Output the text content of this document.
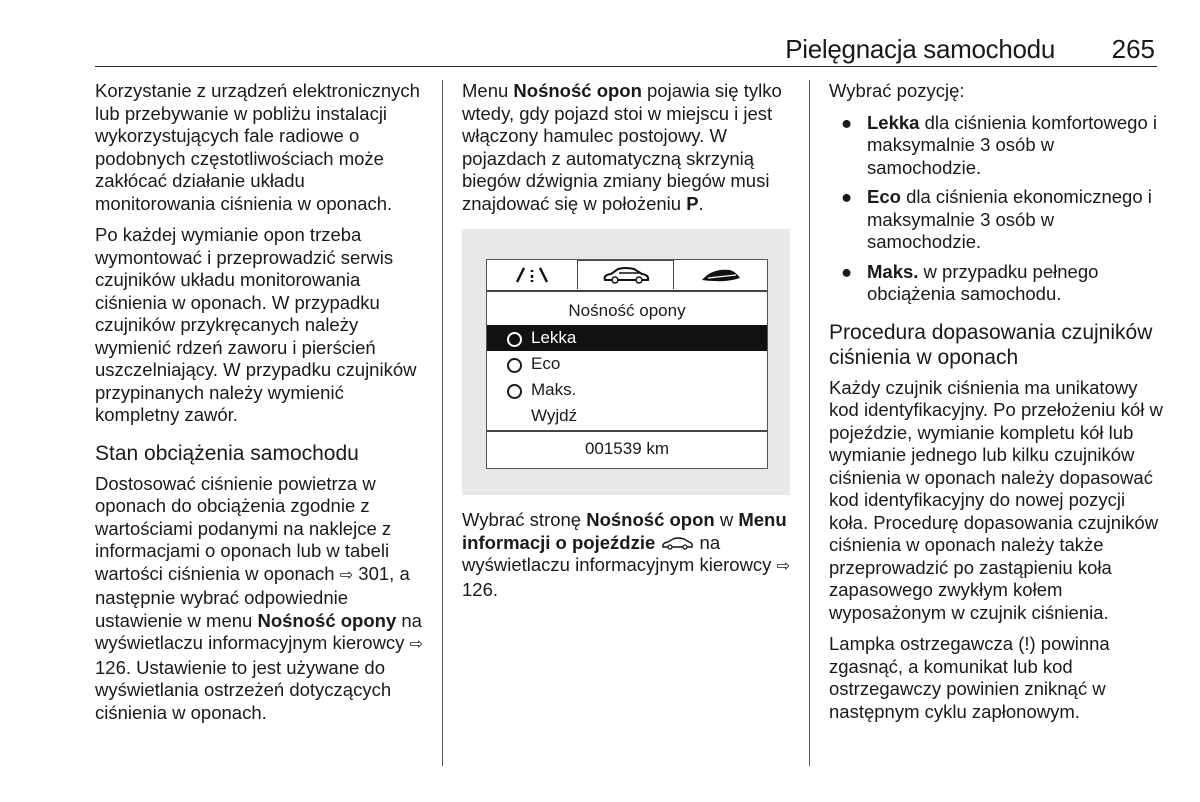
Pielęgnacja samochodu 265

Korzystanie z urządzeń elektronicznych lub przebywanie w pobliżu instalacji wykorzystujących fale radiowe o podobnych częstotliwościach może zakłócać działanie układu monitorowania ciśnienia w oponach.

Po każdej wymianie opon trzeba wymontować i przeprowadzić serwis czujników układu monitorowania ciśnienia w oponach. W przypadku czujników przykręcanych należy wymienić rdzeń zaworu i pierścień uszczelniający. W przypadku czujników przypinanych należy wymienić kompletny zawór.

Stan obciążenia samochodu

Dostosować ciśnienie powietrza w oponach do obciążenia zgodnie z wartościami podanymi na naklejce z informacjami o oponach lub w tabeli wartości ciśnienia w oponach ⇨ 301, a następnie wybrać odpowiednie ustawienie w menu Nośność opony na wyświetlaczu informacyjnym kierowcy ⇨ 126. Ustawienie to jest używane do wyświetlania ostrzeżeń dotyczących ciśnienia w oponach.

Menu Nośność opon pojawia się tylko wtedy, gdy pojazd stoi w miejscu i jest włączony hamulec postojowy. W pojazdach z automatyczną skrzynią biegów dźwignia zmiany biegów musi znajdować się w położeniu P.

Nośność opony
Lekka
Eco
Maks.
Wyjdź
001539 km

Wybrać stronę Nośność opon w Menu informacji o pojeździe  na wyświetlaczu informacyjnym kierowcy ⇨ 126.

Wybrać pozycję:

● Lekka dla ciśnienia komfortowego i maksymalnie 3 osób w samochodzie.
● Eco dla ciśnienia ekonomicznego i maksymalnie 3 osób w samochodzie.
● Maks. w przypadku pełnego obciążenia samochodu.
Procedura dopasowania czujników ciśnienia w oponach

Każdy czujnik ciśnienia ma unikatowy kod identyfikacyjny. Po przełożeniu kół w pojeździe, wymianie kompletu kół lub wymianie jednego lub kilku czujników ciśnienia w oponach należy dopasować kod identyfikacyjny do nowej pozycji koła. Procedurę dopasowania czujników ciśnienia w oponach należy także przeprowadzić po zastąpieniu koła zapasowego zwykłym kołem wyposażonym w czujnik ciśnienia.

Lampka ostrzegawcza (!) powinna zgasnąć, a komunikat lub kod ostrzegawczy powinien zniknąć w następnym cyklu zapłonowym.
